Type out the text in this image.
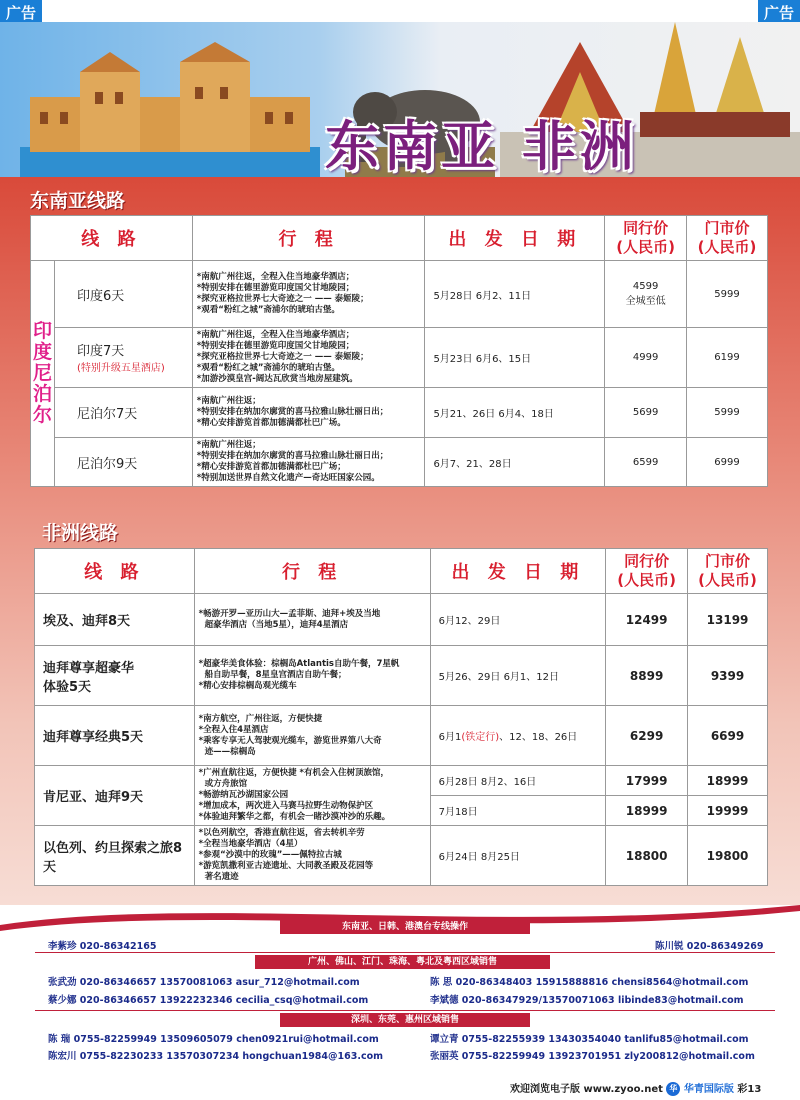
广告	广告
东南亚 非洲
东南亚线路
线 路		行 程	出 发 日 期	同行价
(人民币)	门市价
(人民币)
印度尼泊尔	印度6天	*南航广州往返，全程入住当地豪华酒店；
*特别安排在德里游览印度国父甘地陵园；
*探究亚格拉世界七大奇迹之一 —— 泰姬陵；
*观看“粉红之城”斋浦尔的琥珀古堡。	5月28日 6月2、11日	4599
全城至低	5999
	印度7天
(特别升级五星酒店)	*南航广州往返，全程入住当地豪华酒店；
*特别安排在德里游览印度国父甘地陵园；
*探究亚格拉世界七大奇迹之一 —— 泰姬陵；
*观看“粉红之城”斋浦尔的琥珀古堡。
*加游沙漠皇宫-阔达瓦欣赏当地房屋建筑。	5月23日 6月6、15日	4999	6199
	尼泊尔7天	*南航广州往返；
*特别安排在纳加尔廓赏的喜马拉雅山脉壮丽日出；
*精心安排游览首都加德满都杜巴广场。	5月21、26日 6月4、18日	5699	5999
	尼泊尔9天	*南航广州往返；
*特别安排在纳加尔廓赏的喜马拉雅山脉壮丽日出；
*精心安排游览首都加德满都杜巴广场；
*特别加送世界自然文化遗产—奇达旺国家公园。	6月7、21、28日	6599	6999
非洲线路
线 路	行 程	出 发 日 期	同行价
(人民币)	门市价
(人民币)
埃及、迪拜8天	*畅游开罗—亚历山大—孟菲斯、迪拜+埃及当地
超豪华酒店（当地5星），迪拜4星酒店	6月12、29日	12499	13199
迪拜尊享超豪华
体验5天	*超豪华美食体验：棕榈岛Atlantis自助午餐，7星帆
船自助早餐，8星皇宫酒店自助午餐；
*精心安排棕榈岛观光缆车	5月26、29日 6月1、12日	8899	9399
迪拜尊享经典5天	*南方航空，广州往返，方便快捷
*全程入住4星酒店
*乘客专享无人驾驶观光缆车，游览世界第八大奇
迹——棕榈岛	6月1(铁定行)、12、18、26日	6299	6699
肯尼亚、迪拜9天	*广州直航往返，方便快捷 *有机会入住树顶旅馆，
或方舟旅馆
*畅游纳瓦沙湖国家公园
*增加成本，两次进入马赛马拉野生动物保护区
*体验迪拜繁华之都，有机会一睹沙漠冲沙的乐趣。	6月28日 8月2、16日	17999	18999
		7月18日	18999	19999
以色列、约旦探索之旅8天	*以色列航空，香港直航往返，省去转机辛劳
*全程当地豪华酒店（4星）
*参观“沙漠中的玫瑰”——佩特拉古城
*游览凯撒利亚古迹遗址、大同教圣殿及花园等
著名遗迹	6月24日 8月25日	18800	19800
东南亚、日韩、港澳台专线操作
李紫珍 020-86342165	陈川锐 020-86349269
广州、佛山、江门、珠海、粤北及粤西区域销售
张武劲 020-86346657 13570081063 asur_712@hotmail.com	陈 思 020-86348403 15915888816 chensi8564@hotmail.com
蔡少娜 020-86346657 13922232346 cecilia_csq@hotmail.com	李斌德 020-86347929/13570071063 libinde83@hotmail.com
深圳、东莞、惠州区域销售
陈 瑞 0755-82259949 13509605079 chen0921rui@hotmail.com	谭立青 0755-82255939 13430354040 tanlifu85@hotmail.com
陈宏川 0755-82230233 13570307234 hongchuan1984@163.com	张丽英 0755-82259949 13923701951 zly200812@hotmail.com
欢迎浏览电子版 www.zyoo.net 华 华青国际版 彩13
